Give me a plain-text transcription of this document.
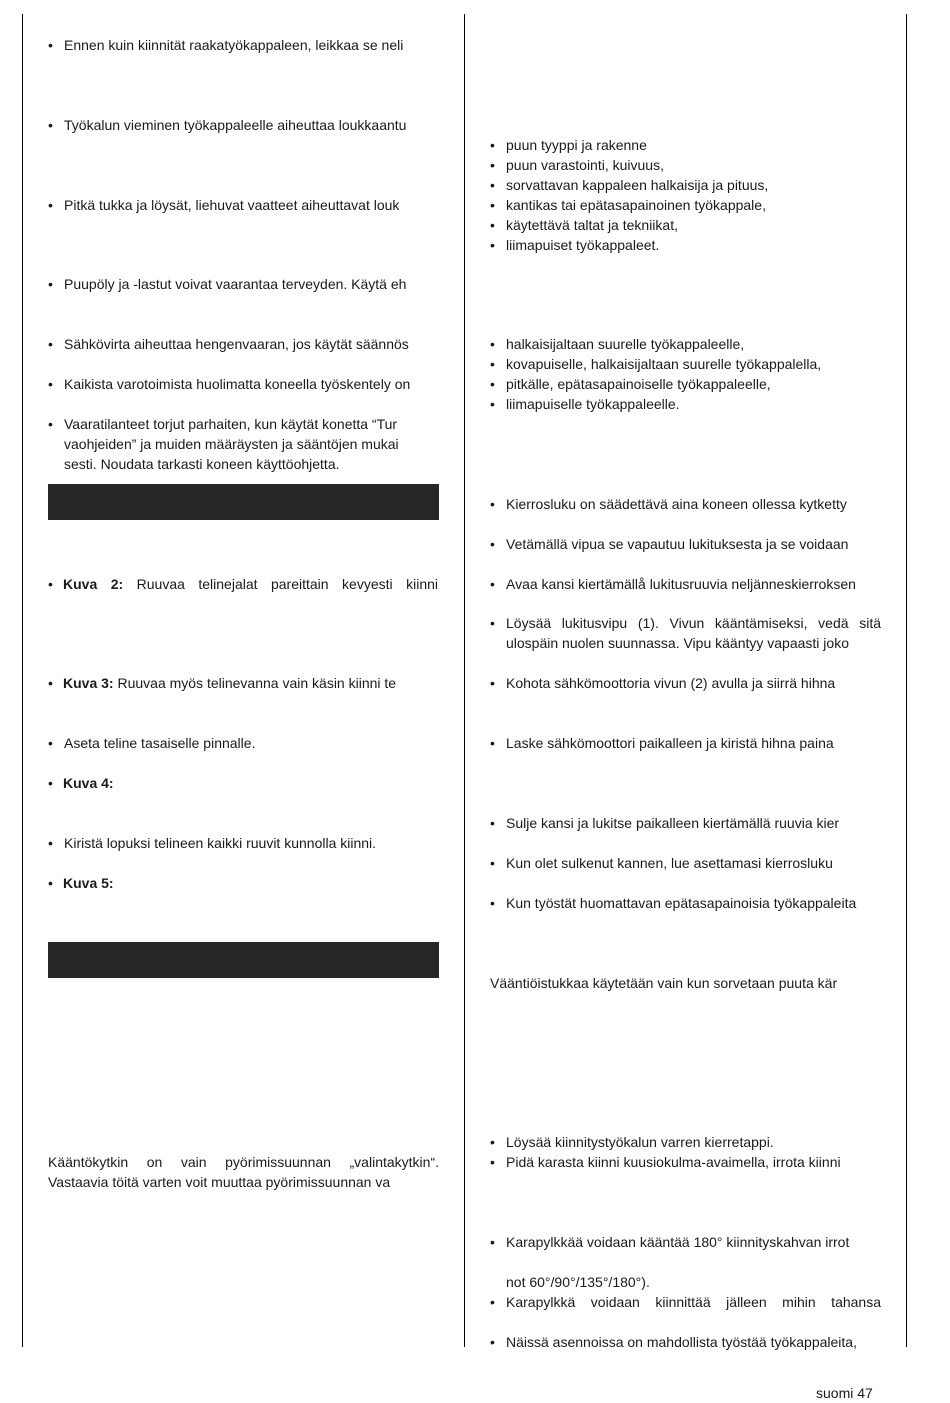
• Ennen kuin kiinnität raakatyökappaleen, leikkaa se neli
• Työkalun vieminen työkappaleelle aiheuttaa loukkaantu
• Pitkä tukka ja löysät, liehuvat vaatteet aiheuttavat louk
• Puupöly ja -lastut voivat vaarantaa terveyden. Käytä eh
• Sähkövirta aiheuttaa hengenvaaran, jos käytät säännös
• Kaikista varotoimista huolimatta koneella työskentely on
• Vaaratilanteet torjut parhaiten, kun käytät konetta “Tur
vaohjeiden” ja muiden määräysten ja sääntöjen mukai
sesti. Noudata tarkasti koneen käyttöohjetta.
• Kuva 2: Ruuvaa telinejalat pareittain kevyesti kiinni
• Kuva 3: Ruuvaa myös telinevanna vain käsin kiinni te
• Aseta teline tasaiselle pinnalle.
• Kuva 4:
• Kiristä lopuksi telineen kaikki ruuvit kunnolla kiinni.
• Kuva 5:
Kääntökytkin on vain pyörimissuunnan „valintakytkin“.
Vastaavia töitä varten voit muuttaa pyörimissuunnan va
• puun tyyppi ja rakenne
• puun varastointi, kuivuus,
• sorvattavan kappaleen halkaisija ja pituus,
• kantikas tai epätasapainoinen työkappale,
• käytettävä taltat ja tekniikat,
• liimapuiset työkappaleet.
• halkaisijaltaan suurelle työkappaleelle,
• kovapuiselle, halkaisijaltaan suurelle työkappalella,
• pitkälle, epätasapainoiselle työkappaleelle,
• liimapuiselle työkappaleelle.
• Kierrosluku on säädettävä aina koneen ollessa kytketty
• Vetämällä vipua se vapautuu lukituksesta ja se voidaan
• Avaa kansi kiertämällå lukitusruuvia neljänneskierroksen
• Löysää lukitusvipu (1). Vivun kääntämiseksi, vedä sitä
ulospäin nuolen suunnassa. Vipu kääntyy vapaasti joko
• Kohota sähkömoottoria vivun (2) avulla ja siirrä hihna
• Laske sähkömoottori paikalleen ja kiristä hihna paina
• Sulje kansi ja lukitse paikalleen kiertämällä ruuvia kier
• Kun olet sulkenut kannen, lue asettamasi kierrosluku
• Kun työstät huomattavan epätasapainoisia työkappaleita
Vääntiöistukkaa käytetään vain kun sorvetaan puuta kär
• Löysää kiinnitystyökalun varren kierretappi.
• Pidä karasta kiinni kuusiokulma-avaimella, irrota kiinni
• Karapylkkää voidaan kääntää 180° kiinnityskahvan irrot
not 60°/90°/135°/180°).
• Karapylkkä voidaan kiinnittää jälleen mihin tahansa
• Näissä asennoissa on mahdollista työstää työkappaleita,
suomi 47
